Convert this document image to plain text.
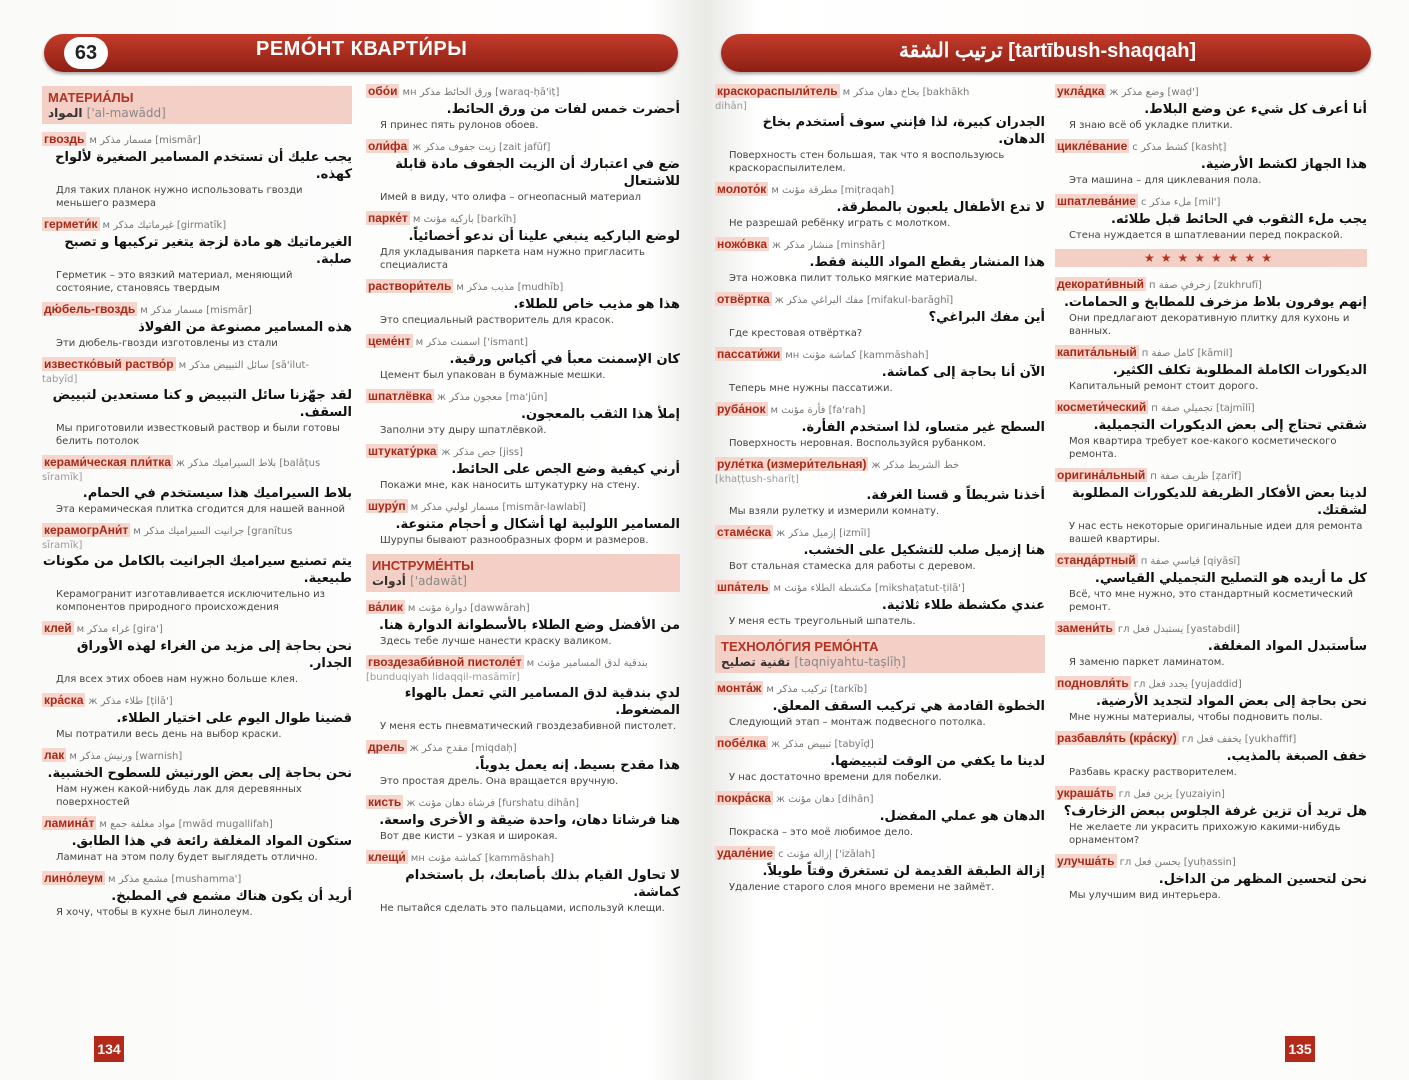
63	РЕМО́НТ КВАРТИ́РЫ
МАТЕРИА́ЛЫ
المواد ['al-mawādd]
гвоздь м مسمار مذكر [mismār]
يجب عليك أن تستخدم المسامير الصغيرة لألواح كهذه.
Для таких планок нужно использовать гвозди меньшего размера
гермети́к м غيرماتيك مذكر [girmatīk]
الغيرماتيك هو مادة لزجة يتغير تركيبها و تصبح صلبة.
Герметик – это вязкий материал, меняющий состояние, становясь твердым
дю́бель-гвоздь м مسمار مذكر [mismār]
هذه المسامير مصنوعة من الفولاذ
Эти дюбель-гвозди изготовлены из стали
известко́вый раство́р м سائل التبييض مذكر [sā'ilut-
tabyīd]
لقد جهّزنا سائل التبييض و كنا مستعدين لتبييض السقف.
Мы приготовили известковый раствор и были готовы белить потолок
керами́ческая пли́тка ж بلاط السيراميك مذكر [balāṭus
sīramīk]
بلاط السيراميك هذا سيستخدم في الحمام.
Эта керамическая плитка сгодится для нашей ванной
керамогрАни́т м جرانيت السيراميك مذكر [granītus
sīramīk]
يتم تصنيع سيراميك الجرانيت بالكامل من مكونات طبيعية.
Керамогранит изготавливается исключительно из компонентов природного происхождения
клей м غراء مذكر [gira']
نحن بحاجة إلى مزيد من الغراء لهذه الأوراق الجدار.
Для всех этих обоев нам нужно больше клея.
кра́ска ж طلاء مذكر [ṭilā']
قضينا طوال اليوم على اختيار الطلاء.
Мы потратили весь день на выбор краски.
лак м ورنيش مذكر [warnish]
نحن بحاجة إلى بعض الورنيش للسطوح الخشبية.
Нам нужен какой-нибудь лак для деревянных поверхностей
ламина́т м مواد مغلفة جمع [mwād mugallifah]
ستكون المواد المغلفة رائعة في هذا الطابق.
Ламинат на этом полу будет выглядеть отлично.
лино́леум м مشمع مذكر [mushamma']
أريد أن يكون هناك مشمع في المطبخ.
Я хочу, чтобы в кухне был линолеум.
обо́и мн ورق الحائط مذكر [waraq-ḥā'iṭ]
أحضرت خمس لفات من ورق الحائط.
Я принес пять рулонов обоев.
оли́фа ж زيت جفوف مذكر [zait jafūf]
ضع في اعتبارك أن الزيت الجفوف مادة قابلة للاشتعال
Имей в виду, что олифа – огнеопасный материал
парке́т м باركيه مؤنث [barkīh]
لوضع الباركيه ينبغي علينا أن ندعو أخصائياً.
Для укладывания паркета нам нужно пригласить специалиста
раствори́тель м مذيب مذكر [mudhīb]
هذا هو مذيب خاص للطلاء.
Это специальный растворитель для красок.
цеме́нт м اسمنت مذكر ['ismant]
كان الإسمنت معبأ في أكياس ورقية.
Цемент был упакован в бумажные мешки.
шпатлёвка ж معجون مذكر [ma'jūn]
إملأ هذا الثقب بالمعجون.
Заполни эту дыру шпатлёвкой.
штукату́рка ж جص مذكر [jiss]
أرني كيفية وضع الجص على الحائط.
Покажи мне, как наносить штукатурку на стену.
шуру́п м مسمار لولبي مذكر [mismār-lawlabī]
المسامير اللولبية لها أشكال و أحجام متنوعة.
Шурупы бывают разнообразных форм и размеров.
ИНСТРУМЕ́НТЫ
أدوات ['adawāt]
ва́лик м دوارة مؤنث [dawwārah]
من الأفضل وضع الطلاء بالأسطوانة الدوارة هنا.
Здесь тебе лучше нанести краску валиком.
гвоздезаби́вной пистоле́т м بندقية لدق المسامير مؤنث
[bunduqiyah lidaqqil-masāmīr]
لدي بندقية لدق المسامير التي تعمل بالهواء المضغوط.
У меня есть пневматический гвоздезабивной пистолет.
дрель ж مقدح مذكر [miqdaḥ]
هذا مقدح بسيط. إنه يعمل يدوياً.
Это простая дрель. Она вращается вручную.
кисть ж فرشاة دهان مؤنث [furshatu dihān]
هنا فرشاتا دهان، واحدة ضيقة و الأخرى واسعة.
Вот две кисти – узкая и широкая.
клещи́ мн كماشة مؤنث [kammāshah]
لا تحاول القيام بذلك بأصابعك، بل باستخدام كماشة.
Не пытайся сделать это пальцами, используй клещи.
134
ترتيب الشقة [tartībush-shaqqah]
краскораспыли́тель м بخاخ دهان مذكر [bakhākh
dihān]
الجدران كبيرة، لذا فإنني سوف أستخدم بخاخ الدهان.
Поверхность стен большая, так что я воспользуюсь краскораспылителем.
молото́к м مطرقة مؤنث [miṭraqah]
لا تدع الأطفال يلعبون بالمطرقة.
Не разрешай ребёнку играть с молотком.
ножо́вка ж منشار مذكر [minshār]
هذا المنشار يقطع المواد اللينة فقط.
Эта ножовка пилит только мягкие материалы.
отвёртка ж مفك البراغي مذكر [mifakul-barāghī]
أين مفك البراغي؟
Где крестовая отвёртка?
пассати́жи мн كماشة مؤنث [kammāshah]
الآن أنا بحاجة إلى كماشة.
Теперь мне нужны пассатижи.
руба́нок м فأرة مؤنث [fa'rah]
السطح غير متساو، لذا استخدم الفأرة.
Поверхность неровная. Воспользуйся рубанком.
руле́тка (измери́тельная) ж خط الشريط مذكر
[khaṭṭush-sharīṭ]
أخذنا شريطاً و قسنا الغرفة.
Мы взяли рулетку и измерили комнату.
стаме́ска ж إزميل مذكر [izmīl]
هنا إزميل صلب للتشكيل على الخشب.
Вот стальная стамеска для работы с деревом.
шпа́тель м مكشطة الطلاء مؤنث [mikshaṭatut-ṭilā']
عندي مكشطة طلاء ثلاثية.
У меня есть треугольный шпатель.
ТЕХНОЛО́ГИЯ РЕМО́НТА
تقنية تصليح [taqniyahtu-taṣlīḥ]
монта́ж м تركيب مذكر [tarkīb]
الخطوة القادمة هي تركيب السقف المعلق.
Следующий этап – монтаж подвесного потолка.
побе́лка ж تبييض مذكر [tabyīḍ]
لدينا ما يكفي من الوقت لتبييضها.
У нас достаточно времени для побелки.
покра́ска ж دهان مؤنث [dihān]
الدهان هو عملي المفضل.
Покраска – это моё любимое дело.
удале́ние с إزالة مؤنث ['izālah]
إزالة الطبقة القديمة لن تستغرق وقتاً طويلاً.
Удаление старого слоя много времени не займёт.
укла́дка ж وضع مذكر [waḍ']
أنا أعرف كل شيء عن وضع البلاط.
Я знаю всё об укладке плитки.
цикле́вание с كشط مذكر [kashṭ]
هذا الجهاز لكشط الأرضية.
Эта машина – для циклевания пола.
шпатлева́ние с ملء مذكر [mil']
يجب ملء الثقوب في الحائط قبل طلائه.
Стена нуждается в шпатлевании перед покраской.
★★★★★★★★
декорати́вный п زخرفي صفة [zukhrufī]
إنهم يوفرون بلاط مزخرف للمطابخ و الحمامات.
Они предлагают декоративную плитку для кухонь и ванных.
капита́льный п كامل صفة [kāmil]
الديكورات الكاملة المطلوبة تكلف الكثير.
Капитальный ремонт стоит дорого.
космети́ческий п تجميلي صفة [tajmīlī]
شقتي تحتاج إلى بعض الديكورات التجميلية.
Моя квартира требует кое-какого косметического ремонта.
оригина́льный п ظريف صفة [ẓarīf]
لدينا بعض الأفكار الظريفة للديكورات المطلوبة لشقتك.
У нас есть некоторые оригинальные идеи для ремонта вашей квартиры.
станда́ртный п قياسي صفة [qiyāsī]
كل ما أريده هو التصليح التجميلي القياسي.
Всё, что мне нужно, это стандартный косметический ремонт.
замени́ть гл يستبدل فعل [yastabdil]
سأستبدل المواد المغلفة.
Я заменю паркет ламинатом.
подновля́ть гл يجدد فعل [yujaddid]
نحن بحاجة إلى بعض المواد لتجديد الأرضية.
Мне нужны материалы, чтобы подновить полы.
разбавля́ть (кра́ску) гл يخفف فعل [yukhaffif]
خفف الصبغة بالمذيب.
Разбавь краску растворителем.
украша́ть гл يزين فعل [yuzaiyin]
هل تريد أن تزين غرفة الجلوس ببعض الزخارف؟
Не желаете ли украсить прихожую какими-нибудь орнаментом?
улучша́ть гл يحسن فعل [yuḥassin]
نحن لتحسين المظهر من الداخل.
Мы улучшим вид интерьера.
135
